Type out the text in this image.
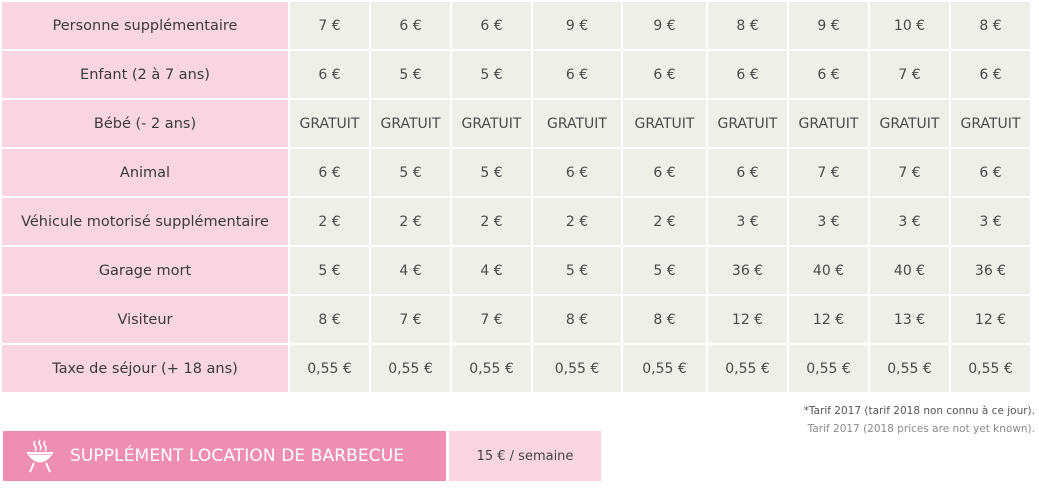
Personne supplémentaire	7 €	6 €	6 €	9 €	9 €	8 €	9 €	10 €	8 €
Enfant (2 à 7 ans)	6 €	5 €	5 €	6 €	6 €	6 €	6 €	7 €	6 €
Bébé (- 2 ans)	GRATUIT	GRATUIT	GRATUIT	GRATUIT	GRATUIT	GRATUIT	GRATUIT	GRATUIT	GRATUIT
Animal	6 €	5 €	5 €	6 €	6 €	6 €	7 €	7 €	6 €
Véhicule motorisé supplémentaire	2 €	2 €	2 €	2 €	2 €	3 €	3 €	3 €	3 €
Garage mort	5 €	4 €	4 €	5 €	5 €	36 €	40 €	40 €	36 €
Visiteur	8 €	7 €	7 €	8 €	8 €	12 €	12 €	13 €	12 €
Taxe de séjour (+ 18 ans)	0,55 €	0,55 €	0,55 €	0,55 €	0,55 €	0,55 €	0,55 €	0,55 €	0,55 €
*Tarif 2017 (tarif 2018 non connu à ce jour).
Tarif 2017 (2018 prices are not yet known).
SUPPLÉMENT LOCATION DE BARBECUE	15 € / semaine
